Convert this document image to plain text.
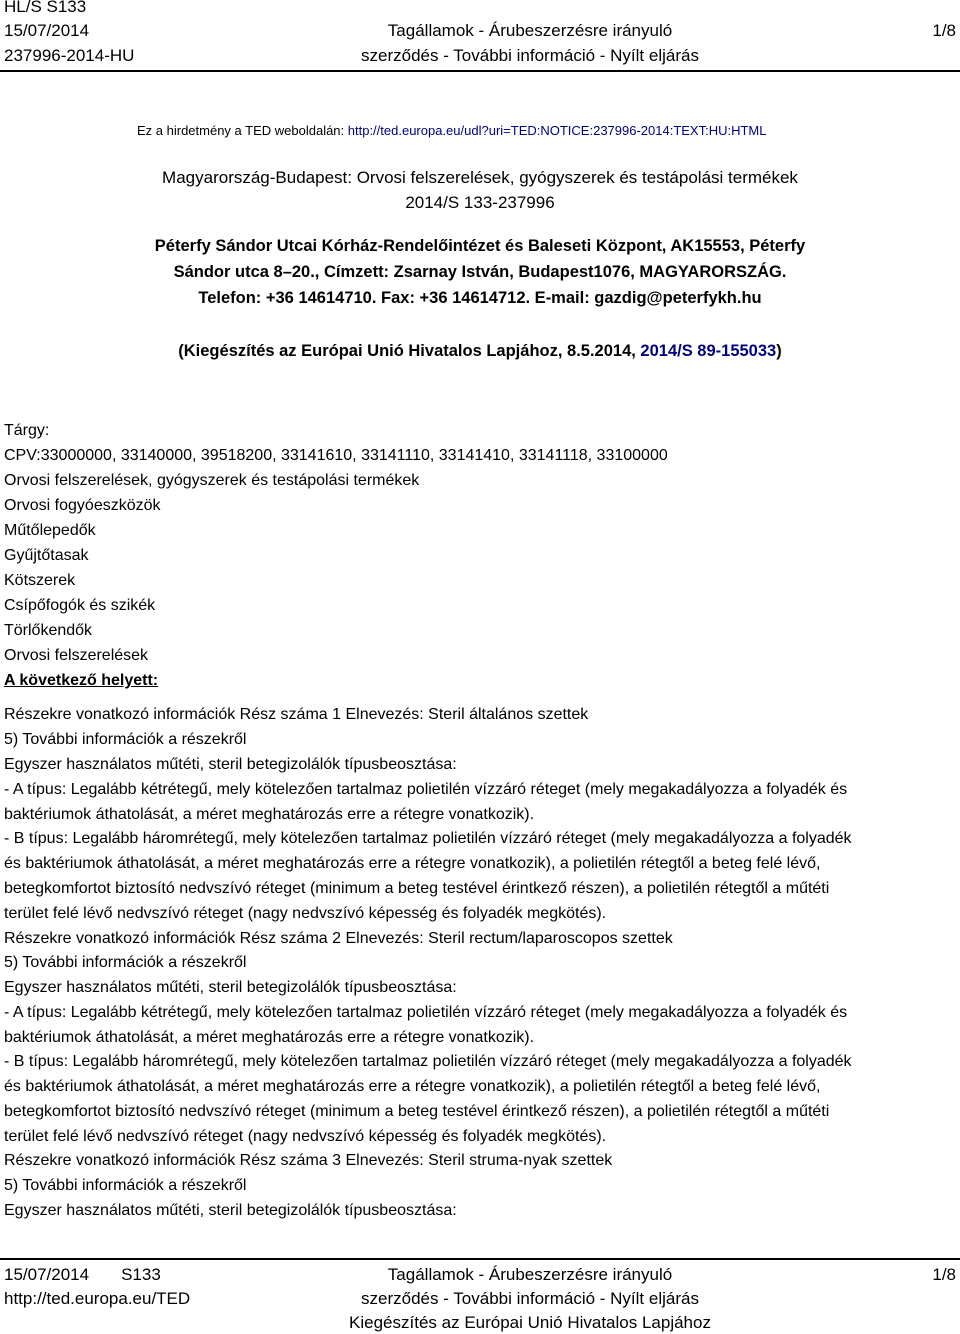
HL/S S133
15/07/2014
237996-2014-HU
Tagállamok - Árubeszerzésre irányuló
szerződés - További információ - Nyílt eljárás
1/8
Ez a hirdetmény a TED weboldalán: http://ted.europa.eu/udl?uri=TED:NOTICE:237996-2014:TEXT:HU:HTML
Magyarország-Budapest: Orvosi felszerelések, gyógyszerek és testápolási termékek
2014/S 133-237996
Péterfy Sándor Utcai Kórház-Rendelőintézet és Baleseti Központ, AK15553, Péterfy
Sándor utca 8–20., Címzett: Zsarnay István, Budapest1076, MAGYARORSZÁG.
Telefon: +36 14614710. Fax: +36 14614712. E-mail: gazdig@peterfykh.hu
(Kiegészítés az Európai Unió Hivatalos Lapjához, 8.5.2014, 2014/S 89-155033)
Tárgy:
CPV:33000000, 33140000, 39518200, 33141610, 33141110, 33141410, 33141118, 33100000
Orvosi felszerelések, gyógyszerek és testápolási termékek
Orvosi fogyóeszközök
Műtőlepedők
Gyűjtőtasak
Kötszerek
Csípőfogók és szikék
Törlőkendők
Orvosi felszerelések
A következő helyett:
Részekre vonatkozó információk Rész száma 1 Elnevezés: Steril általános szettek
5) További információk a részekről
Egyszer használatos műtéti, steril betegizolálók típusbeosztása:
- A típus: Legalább kétrétegű, mely kötelezően tartalmaz polietilén vízzáró réteget (mely megakadályozza a folyadék és
baktériumok áthatolását, a méret meghatározás erre a rétegre vonatkozik).
- B típus: Legalább háromrétegű, mely kötelezően tartalmaz polietilén vízzáró réteget (mely megakadályozza a folyadék
és baktériumok áthatolását, a méret meghatározás erre a rétegre vonatkozik), a polietilén rétegtől a beteg felé lévő,
betegkomfortot biztosító nedvszívó réteget (minimum a beteg testével érintkező részen), a polietilén rétegtől a műtéti
terület felé lévő nedvszívó réteget (nagy nedvszívó képesség és folyadék megkötés).
Részekre vonatkozó információk Rész száma 2 Elnevezés: Steril rectum/laparoscopos szettek
5) További információk a részekről
Egyszer használatos műtéti, steril betegizolálók típusbeosztása:
- A típus: Legalább kétrétegű, mely kötelezően tartalmaz polietilén vízzáró réteget (mely megakadályozza a folyadék és
baktériumok áthatolását, a méret meghatározás erre a rétegre vonatkozik).
- B típus: Legalább háromrétegű, mely kötelezően tartalmaz polietilén vízzáró réteget (mely megakadályozza a folyadék
és baktériumok áthatolását, a méret meghatározás erre a rétegre vonatkozik), a polietilén rétegtől a beteg felé lévő,
betegkomfortot biztosító nedvszívó réteget (minimum a beteg testével érintkező részen), a polietilén rétegtől a műtéti
terület felé lévő nedvszívó réteget (nagy nedvszívó képesség és folyadék megkötés).
Részekre vonatkozó információk Rész száma 3 Elnevezés: Steril struma-nyak szettek
5) További információk a részekről
Egyszer használatos műtéti, steril betegizolálók típusbeosztása:
15/07/2014 S133
http://ted.europa.eu/TED
Tagállamok - Árubeszerzésre irányuló
szerződés - További információ - Nyílt eljárás
Kiegészítés az Európai Unió Hivatalos Lapjához
1/8
